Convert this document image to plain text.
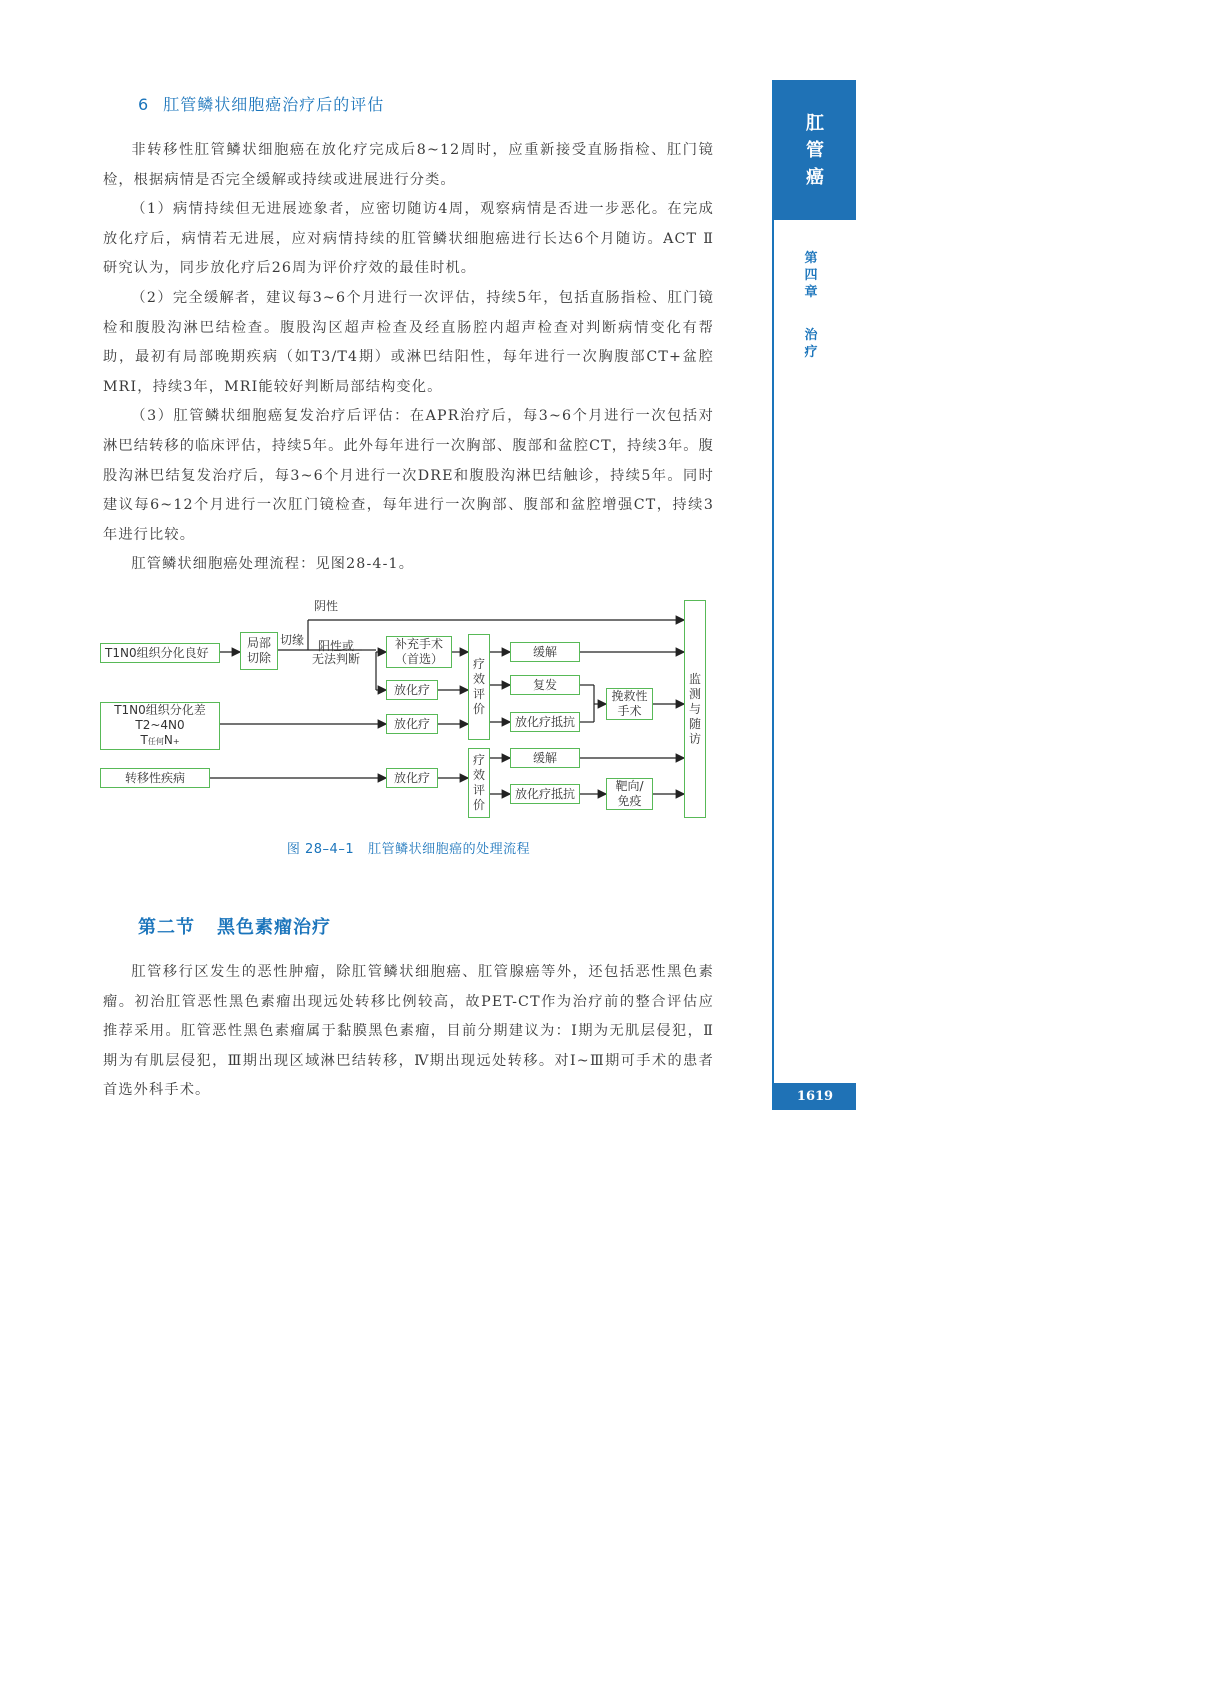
6 肛管鳞状细胞癌治疗后的评估

非转移性肛管鳞状细胞癌在放化疗完成后8~12周时，应重新接受直肠指检、肛门镜检，根据病情是否完全缓解或持续或进展进行分类。

（1）病情持续但无进展迹象者，应密切随访4周，观察病情是否进一步恶化。在完成放化疗后，病情若无进展，应对病情持续的肛管鳞状细胞癌进行长达6个月随访。ACT Ⅱ研究认为，同步放化疗后26周为评价疗效的最佳时机。

（2）完全缓解者，建议每3~6个月进行一次评估，持续5年，包括直肠指检、肛门镜检和腹股沟淋巴结检查。腹股沟区超声检查及经直肠腔内超声检查对判断病情变化有帮助，最初有局部晚期疾病（如T3/T4期）或淋巴结阳性，每年进行一次胸腹部CT+盆腔MRI，持续3年，MRI能较好判断局部结构变化。

（3）肛管鳞状细胞癌复发治疗后评估：在APR治疗后，每3~6个月进行一次包括对淋巴结转移的临床评估，持续5年。此外每年进行一次胸部、腹部和盆腔CT，持续3年。腹股沟淋巴结复发治疗后，每3~6个月进行一次DRE和腹股沟淋巴结触诊，持续5年。同时建议每6~12个月进行一次肛门镜检查，每年进行一次胸部、腹部和盆腔增强CT，持续3年进行比较。

肛管鳞状细胞癌处理流程：见图28-4-1。

阴性
T1N0组织分化良好
局部
切除
切缘	阳性或
无法判断
补充手术
（首选）
放化疗
疗
效
评
价
缓解
复发
放化疗抵抗
挽救性
手术
监
测
与
随
访
T1N0组织分化差
T2~4N0
T任何N+
放化疗
转移性疾病	放化疗
疗
效
评
价
缓解
放化疗抵抗
靶向/
免疫
图 28–4–1 肛管鳞状细胞癌的处理流程
第二节 黑色素瘤治疗

肛管移行区发生的恶性肿瘤，除肛管鳞状细胞癌、肛管腺癌等外，还包括恶性黑色素瘤。初治肛管恶性黑色素瘤出现远处转移比例较高，故PET-CT作为治疗前的整合评估应推荐采用。肛管恶性黑色素瘤属于黏膜黑色素瘤，目前分期建议为：Ⅰ期为无肌层侵犯，Ⅱ期为有肌层侵犯，Ⅲ期出现区域淋巴结转移，Ⅳ期出现远处转移。对I~Ⅲ期可手术的患者首选外科手术。

肛
管
癌
第
四
章
治
疗
1619
